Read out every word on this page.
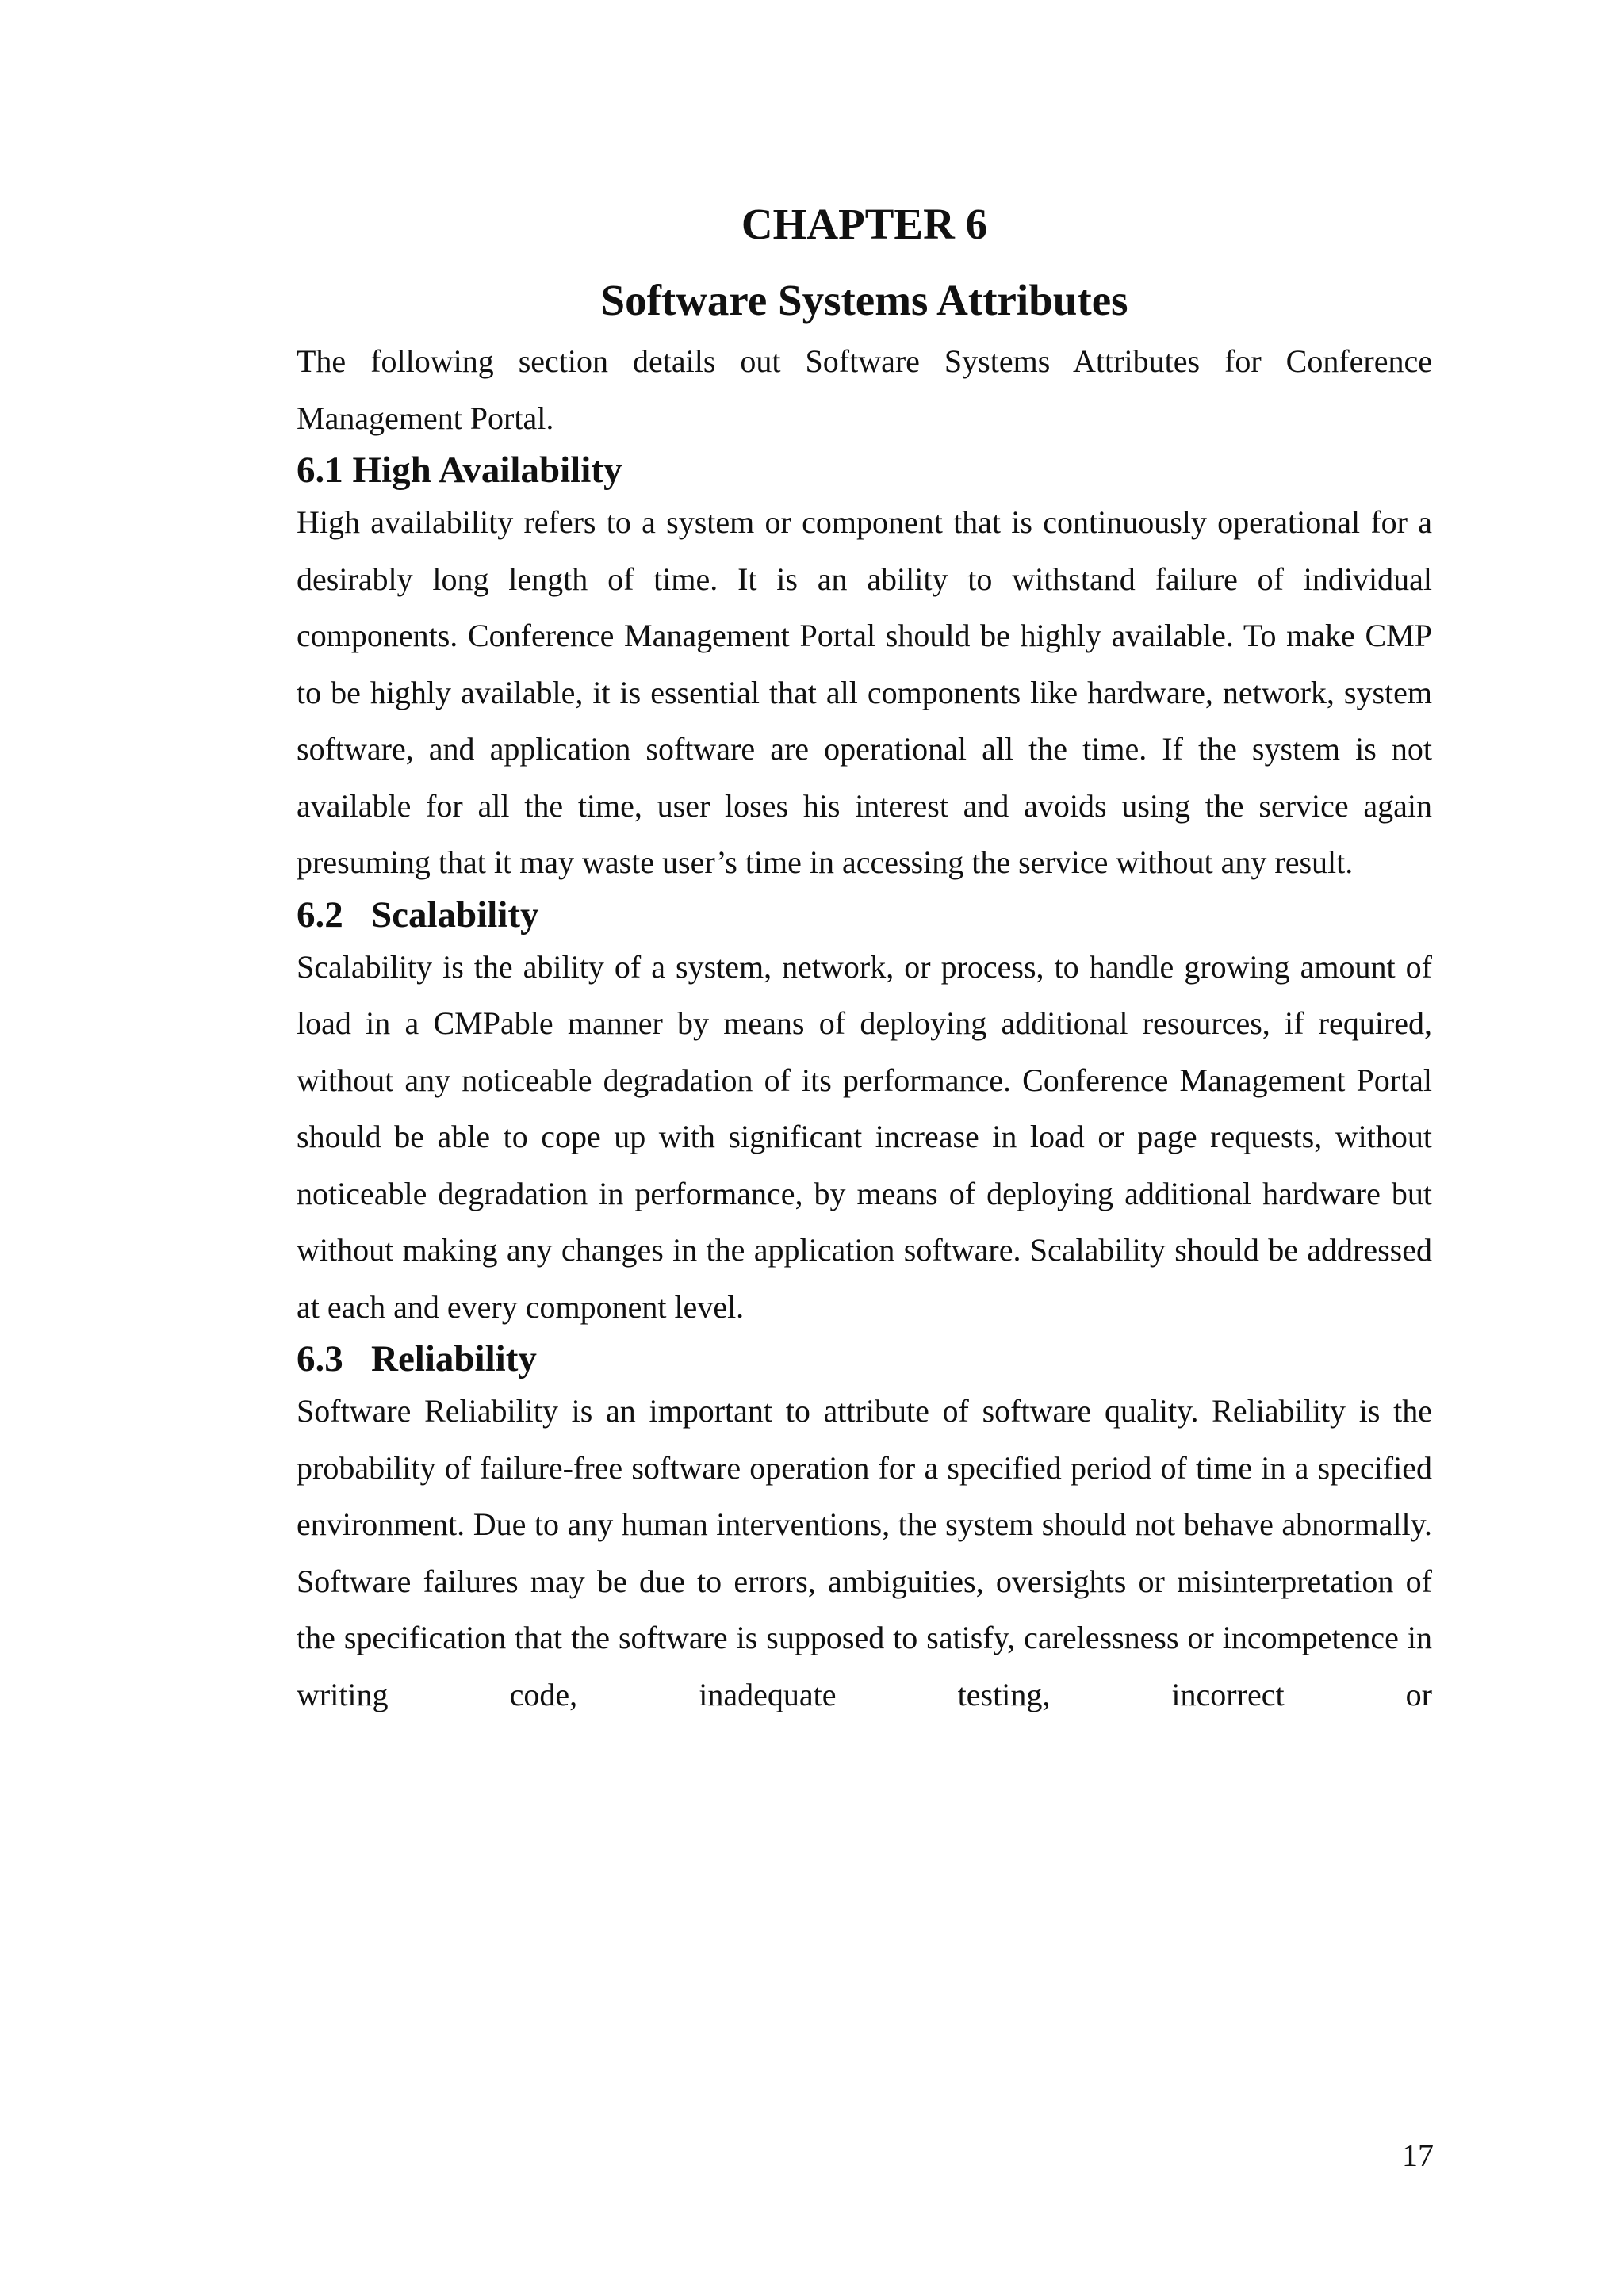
CHAPTER 6
Software Systems Attributes

The following section details out Software Systems Attributes for Conference Management Portal.

6.1 High Availability

High availability refers to a system or component that is continuously operational for a desirably long length of time. It is an ability to withstand failure of individual components. Conference Management Portal should be highly available. To make CMP to be highly available, it is essential that all components like hardware, network, system software, and application software are operational all the time. If the system is not available for all the time, user loses his interest and avoids using the service again presuming that it may waste user’s time in accessing the service without any result.

6.2   Scalability

Scalability is the ability of a system, network, or process, to handle growing amount of load in a CMPable manner by means of deploying additional resources, if required, without any noticeable degradation of its performance. Conference Management Portal should be able to cope up with significant increase in load or page requests, without noticeable degradation in performance, by means of deploying additional hardware but without making any changes in the application software. Scalability should be addressed at each and every component level.

6.3   Reliability

Software Reliability is an important to attribute of software quality. Reliability is the probability of failure-free software operation for a specified period of time in a specified environment. Due to any human interventions, the system should not behave abnormally. Software failures may be due to errors, ambiguities, oversights or misinterpretation of the specification that the software is supposed to satisfy, carelessness or incompetence in writing code, inadequate testing, incorrect or

17
